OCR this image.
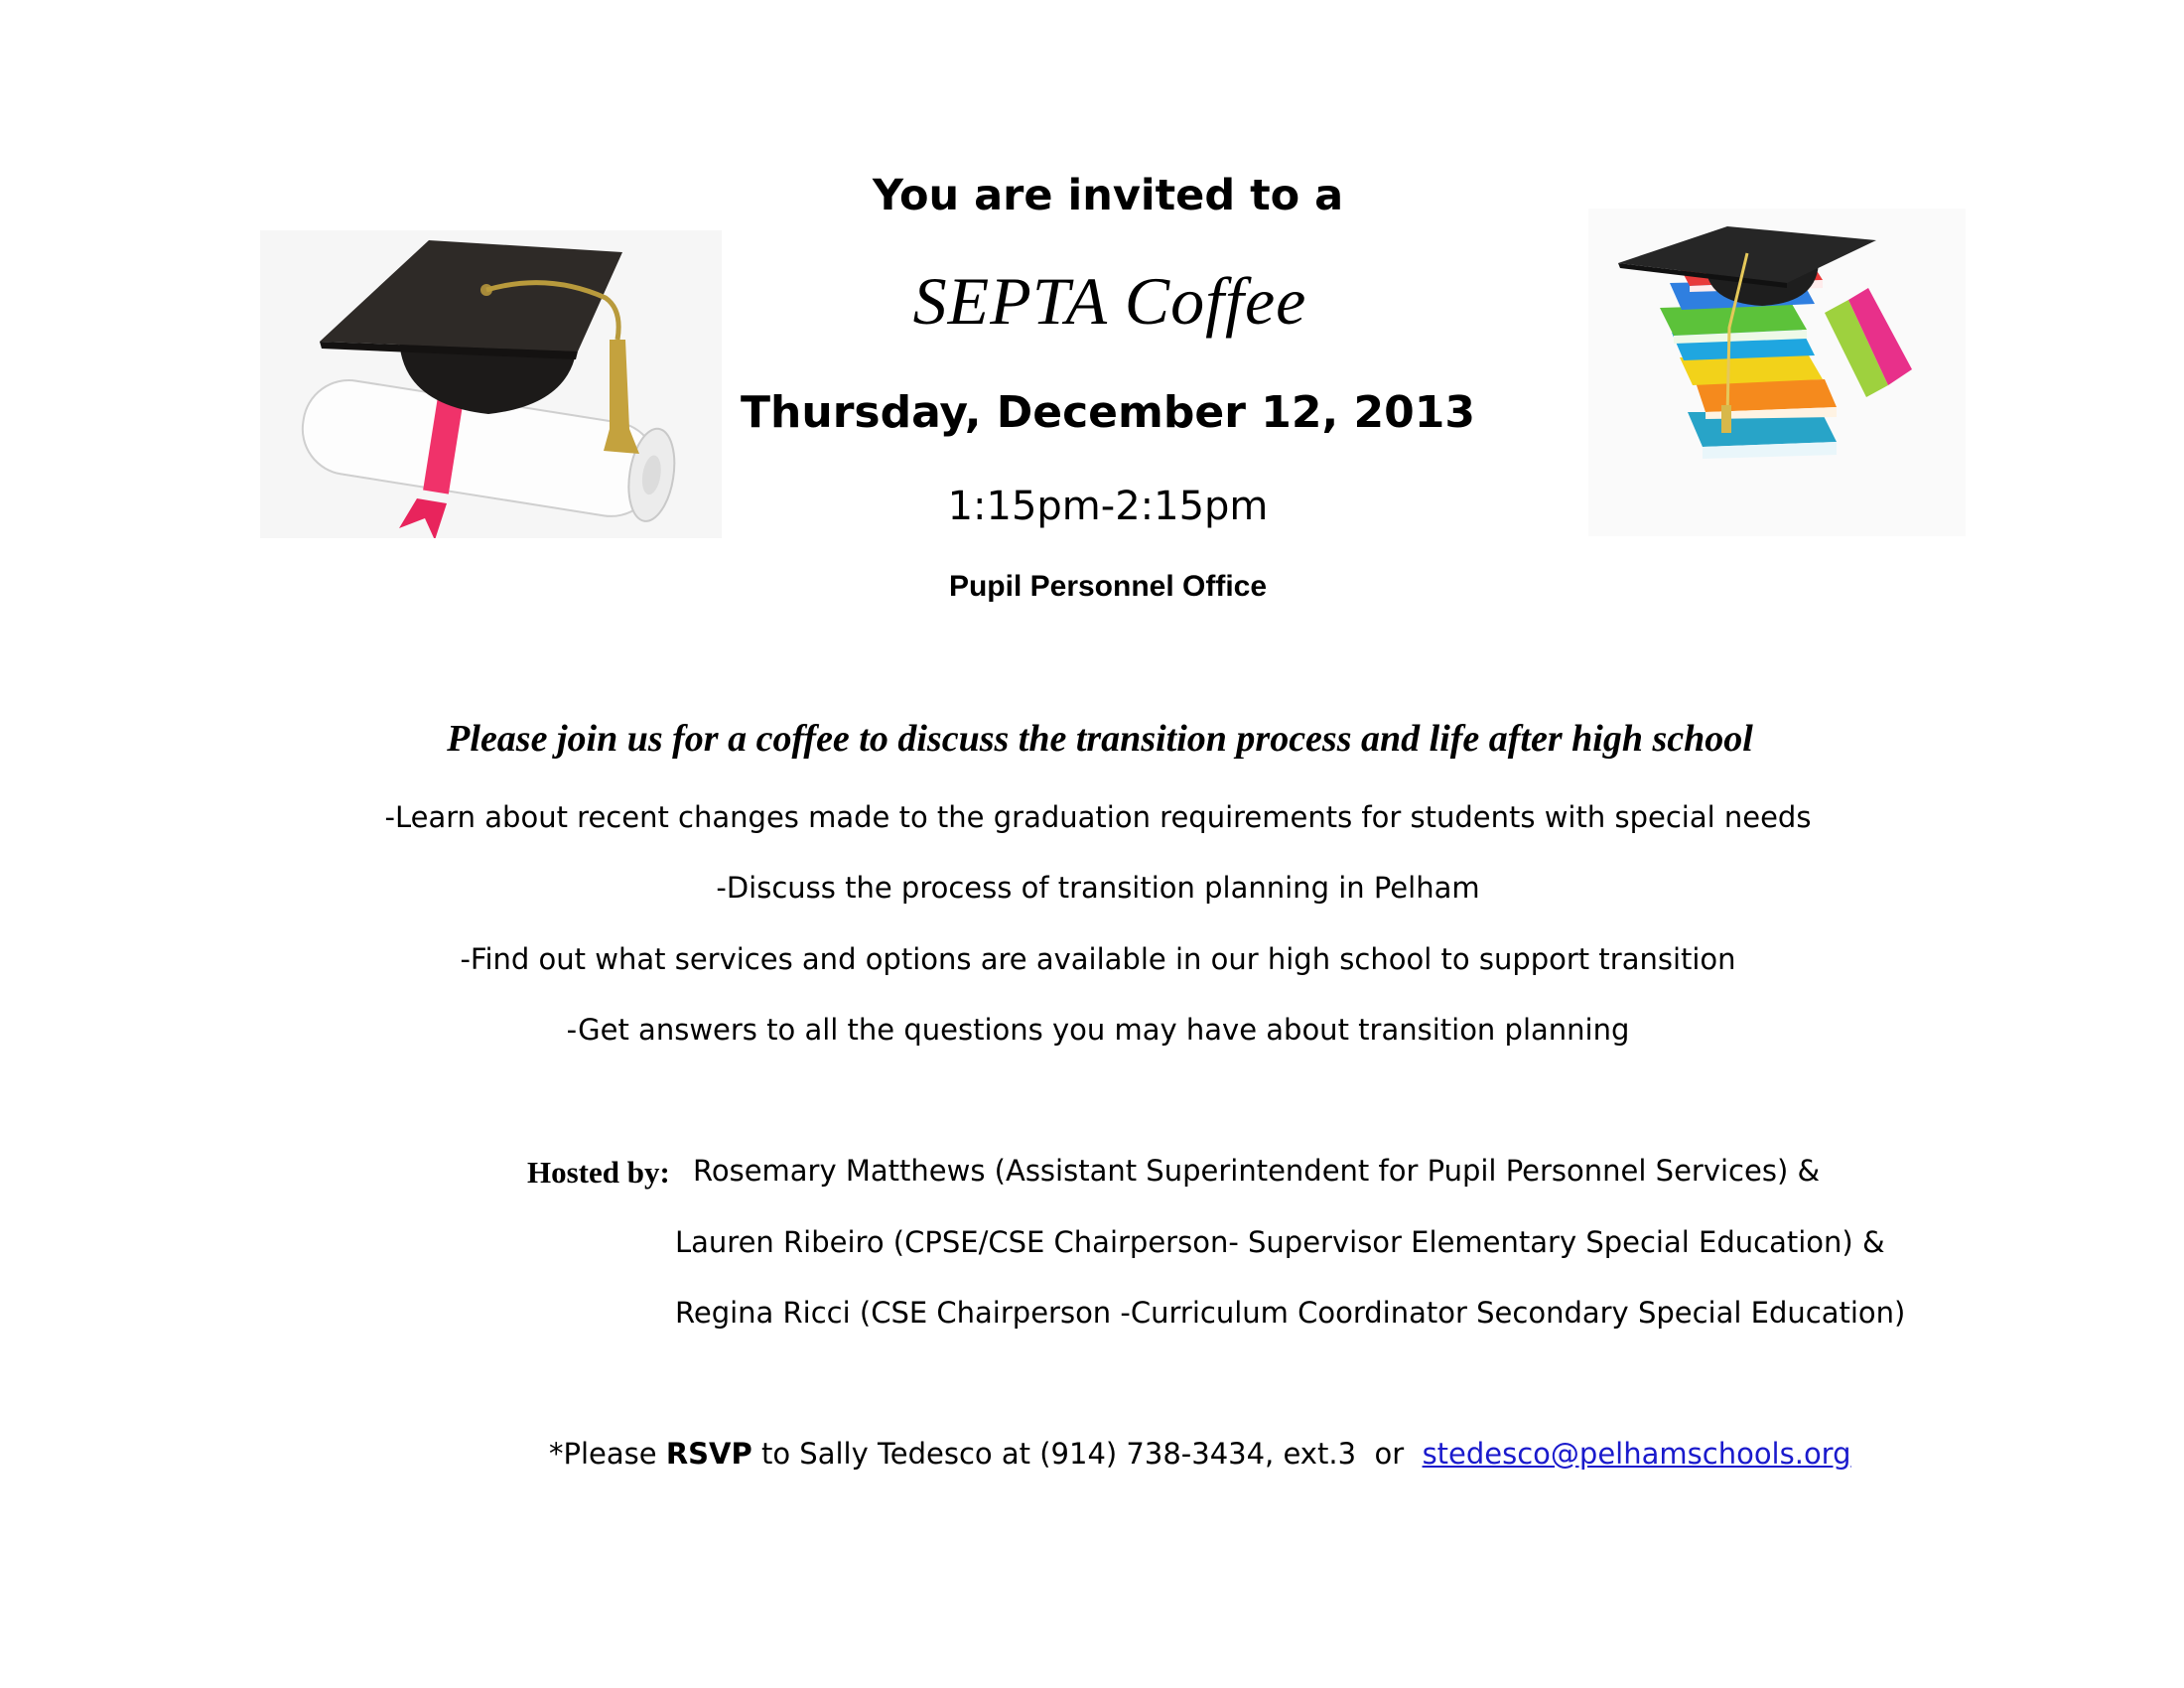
You are invited to a
SEPTA Coffee
Thursday, December 12, 2013
1:15pm-2:15pm
Pupil Personnel Office
Please join us for a coffee to discuss the transition process and life after high school
-Learn about recent changes made to the graduation requirements for students with special needs
-Discuss the process of transition planning in Pelham
-Find out what services and options are available in our high school to support transition
-Get answers to all the questions you may have about transition planning
Hosted by: Rosemary Matthews (Assistant Superintendent for Pupil Personnel Services) &
Lauren Ribeiro (CPSE/CSE Chairperson- Supervisor Elementary Special Education) &
Regina Ricci (CSE Chairperson -Curriculum Coordinator Secondary Special Education)
*Please RSVP to Sally Tedesco at (914) 738-3434, ext.3  or  stedesco@pelhamschools.org
